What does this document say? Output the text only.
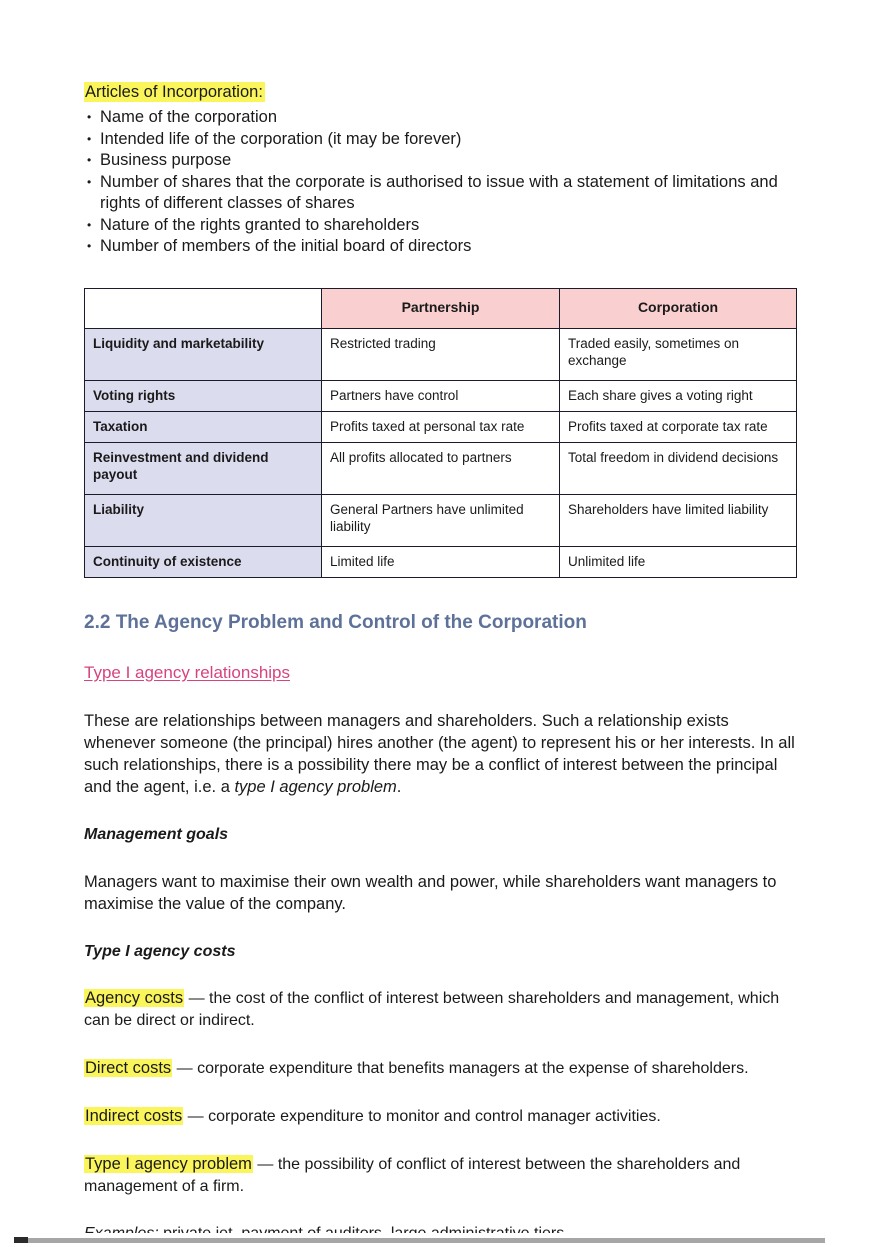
Articles of Incorporation:
• Name of the corporation
• Intended life of the corporation (it may be forever)
• Business purpose
• Number of shares that the corporate is authorised to issue with a statement of limitations and rights of different classes of shares
• Nature of the rights granted to shareholders
• Number of members of the initial board of directors
	Partnership	Corporation
Liquidity and marketability	Restricted trading	Traded easily, sometimes on exchange
Voting rights	Partners have control	Each share gives a voting right
Taxation	Profits taxed at personal tax rate	Profits taxed at corporate tax rate
Reinvestment and dividend payout	All profits allocated to partners	Total freedom in dividend decisions
Liability	General Partners have unlimited liability	Shareholders have limited liability
Continuity of existence	Limited life	Unlimited life
2.2 The Agency Problem and Control of the Corporation
Type I agency relationships

These are relationships between managers and shareholders. Such a relationship exists whenever someone (the principal) hires another (the agent) to represent his or her interests. In all such relationships, there is a possibility there may be a conflict of interest between the principal and the agent, i.e. a type I agency problem.

Management goals

Managers want to maximise their own wealth and power, while shareholders want managers to maximise the value of the company.

Type I agency costs

Agency costs — the cost of the conflict of interest between shareholders and management, which can be direct or indirect.

Direct costs — corporate expenditure that benefits managers at the expense of shareholders.

Indirect costs — corporate expenditure to monitor and control manager activities.

Type I agency problem — the possibility of conflict of interest between the shareholders and management of a firm.
